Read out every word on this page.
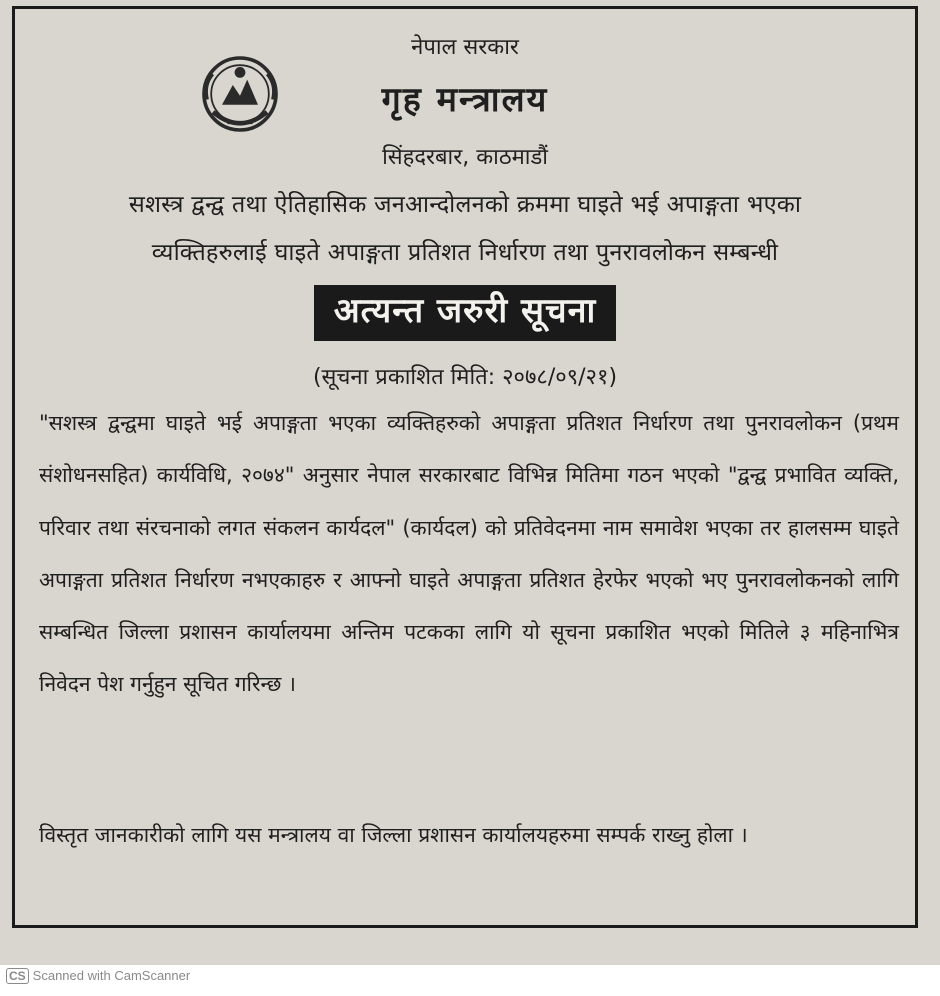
नेपाल सरकार
गृह मन्त्रालय
सिंहदरबार, काठमाडौं
सशस्त्र द्वन्द्व तथा ऐतिहासिक जनआन्दोलनको क्रममा घाइते भई अपाङ्गता भएका
व्यक्तिहरुलाई घाइते अपाङ्गता प्रतिशत निर्धारण तथा पुनरावलोकन सम्बन्धी
अत्यन्त जरुरी सूचना
(सूचना प्रकाशित मिति: २०७८/०९/२१)

"सशस्त्र द्वन्द्वमा घाइते भई अपाङ्गता भएका व्यक्तिहरुको अपाङ्गता प्रतिशत निर्धारण तथा पुनरावलोकन (प्रथम संशोधनसहित) कार्यविधि, २०७४" अनुसार नेपाल सरकारबाट विभिन्न मितिमा गठन भएको "द्वन्द्व प्रभावित व्यक्ति, परिवार तथा संरचनाको लगत संकलन कार्यदल" (कार्यदल) को प्रतिवेदनमा नाम समावेश भएका तर हालसम्म घाइते अपाङ्गता प्रतिशत निर्धारण नभएकाहरु र आफ्नो घाइते अपाङ्गता प्रतिशत हेरफेर भएको भए पुनरावलोकनको लागि सम्बन्धित जिल्ला प्रशासन कार्यालयमा अन्तिम पटकका लागि यो सूचना प्रकाशित भएको मितिले ३ महिनाभित्र निवेदन पेश गर्नुहुन सूचित गरिन्छ ।

विस्तृत जानकारीको लागि यस मन्त्रालय वा जिल्ला प्रशासन कार्यालयहरुमा सम्पर्क राख्नु होला ।

CS Scanned with CamScanner
